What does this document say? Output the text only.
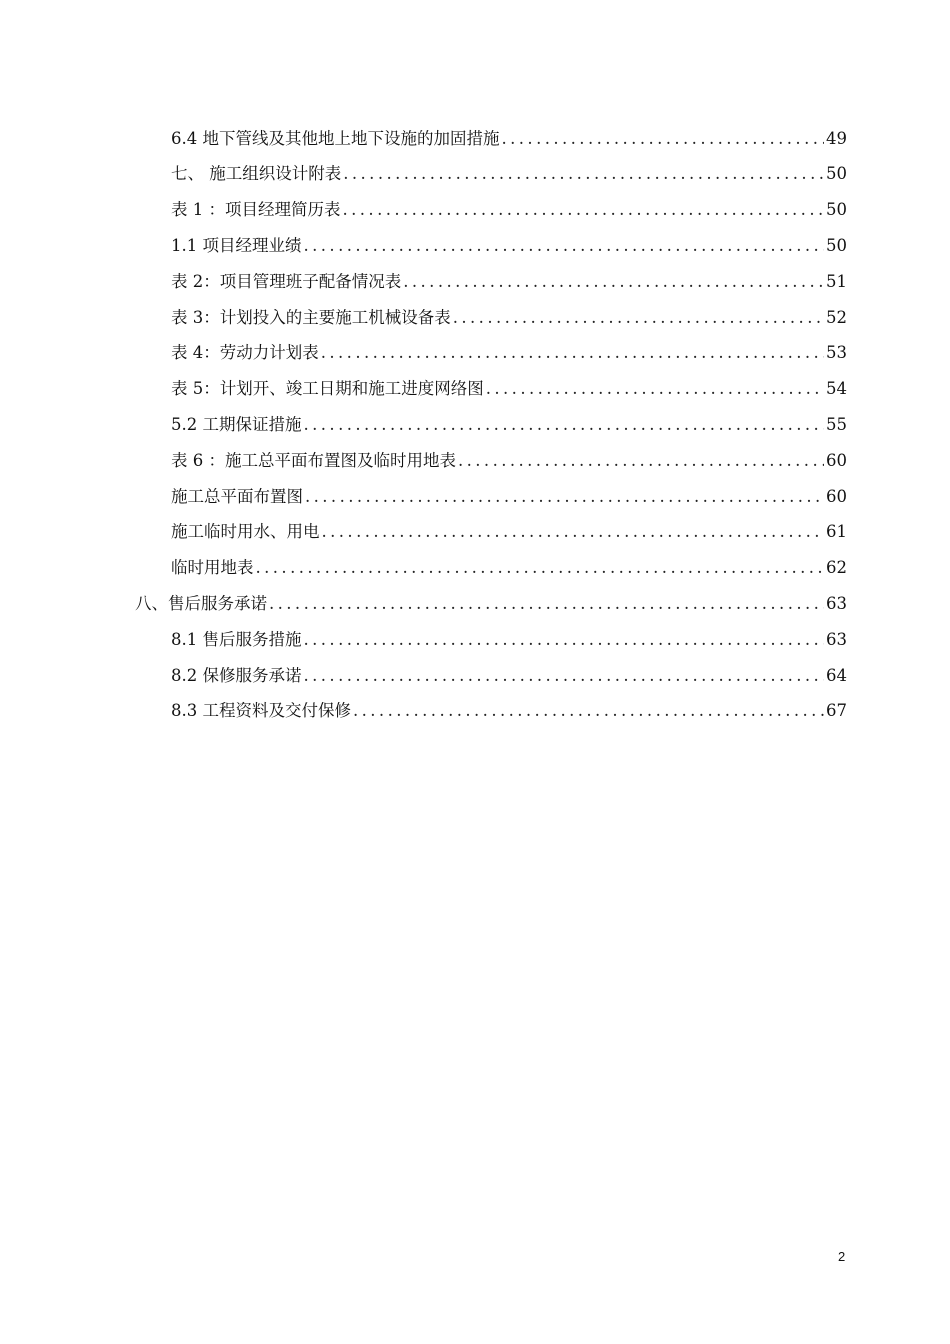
6.4 地下管线及其他地上地下设施的加固措施 .....	49
七、 施工组织设计附表 .....	50
表 1 ：项目经理简历表 .....	50
1.1 项目经理业绩 .....	50
表 2：项目管理班子配备情况表 .....	51
表 3：计划投入的主要施工机械设备表 .....	52
表 4：劳动力计划表 .....	53
表 5：计划开、竣工日期和施工进度网络图 .....	54
5.2 工期保证措施 .....	55
表 6 ：施工总平面布置图及临时用地表 .....	60
施工总平面布置图 .....	60
施工临时用水、用电 .....	61
临时用地表 .....	62
八、售后服务承诺 .....	63
8.1 售后服务措施 .....	63
8.2 保修服务承诺 .....	64
8.3 工程资料及交付保修 .....	67
2
